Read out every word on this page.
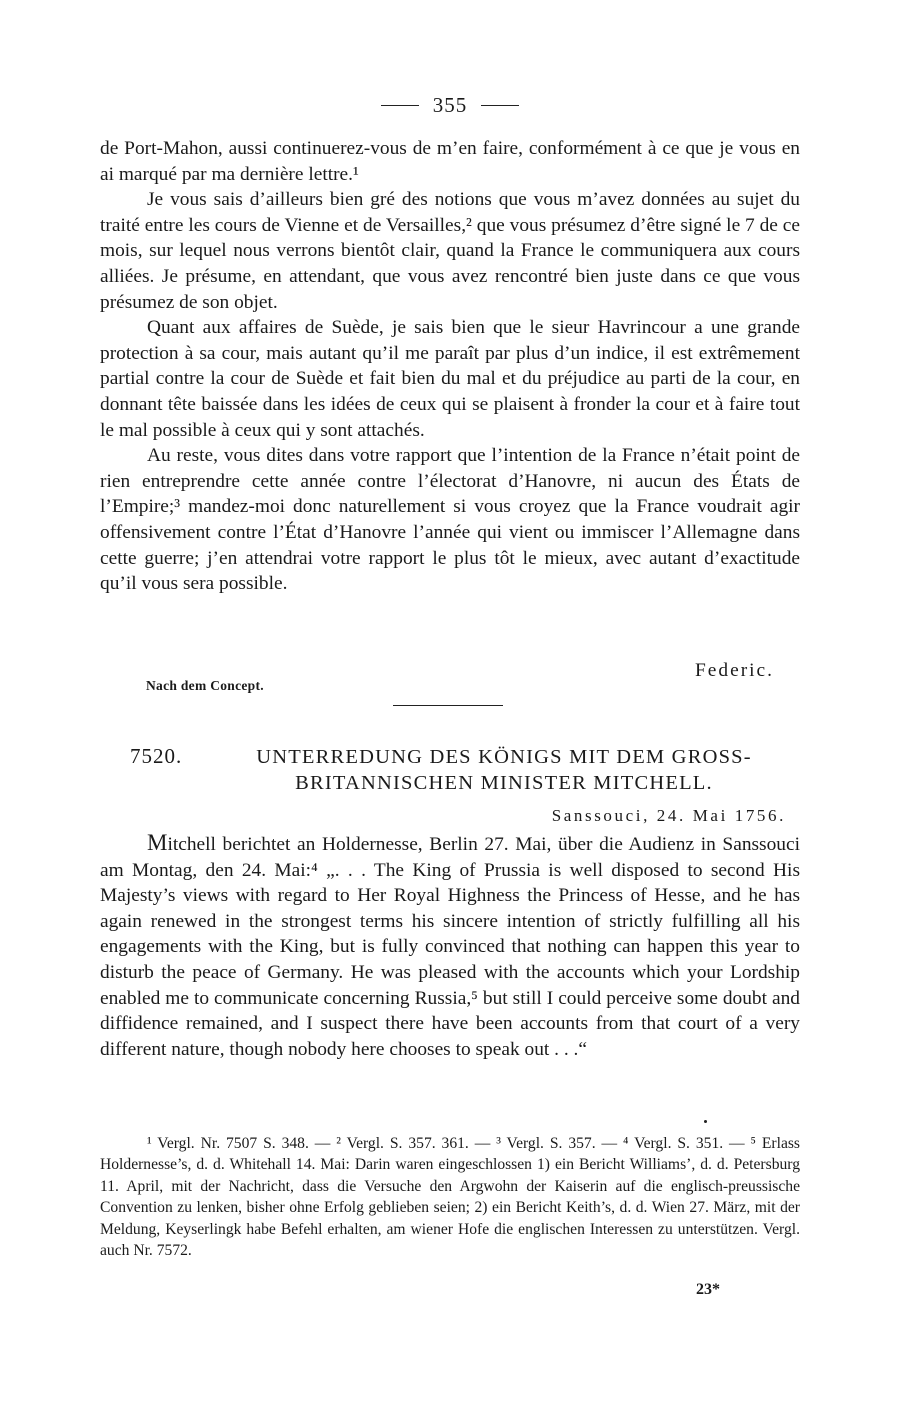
355

de Port-Mahon, aussi continuerez-vous de m’en faire, conformément à ce que je vous en ai marqué par ma dernière lettre.¹

Je vous sais d’ailleurs bien gré des notions que vous m’avez données au sujet du traité entre les cours de Vienne et de Versailles,² que vous présumez d’être signé le 7 de ce mois, sur lequel nous verrons bientôt clair, quand la France le communiquera aux cours alliées. Je présume, en attendant, que vous avez rencontré bien juste dans ce que vous présumez de son objet.

Quant aux affaires de Suède, je sais bien que le sieur Havrincour a une grande protection à sa cour, mais autant qu’il me paraît par plus d’un indice, il est extrêmement partial contre la cour de Suède et fait bien du mal et du préjudice au parti de la cour, en donnant tête baissée dans les idées de ceux qui se plaisent à fronder la cour et à faire tout le mal possible à ceux qui y sont attachés.

Au reste, vous dites dans votre rapport que l’intention de la France n’était point de rien entreprendre cette année contre l’électorat d’Hanovre, ni aucun des États de l’Empire;³ mandez-moi donc naturellement si vous croyez que la France voudrait agir offensivement contre l’État d’Hanovre l’année qui vient ou immiscer l’Allemagne dans cette guerre; j’en attendrai votre rapport le plus tôt le mieux, avec autant d’exactitude qu’il vous sera possible.

Federic.
Nach dem Concept.
7520.	UNTERREDUNG DES KÖNIGS MIT DEM GROSS-BRITANNISCHEN MINISTER MITCHELL.
Sanssouci, 24. Mai 1756.

Mitchell berichtet an Holdernesse, Berlin 27. Mai, über die Audienz in Sanssouci am Montag, den 24. Mai:⁴ „. . . The King of Prussia is well disposed to second His Majesty’s views with regard to Her Royal Highness the Princess of Hesse, and he has again renewed in the strongest terms his sincere intention of strictly fulfilling all his engagements with the King, but is fully convinced that nothing can happen this year to disturb the peace of Germany. He was pleased with the accounts which your Lordship enabled me to communicate concerning Russia,⁵ but still I could perceive some doubt and diffidence remained, and I suspect there have been accounts from that court of a very different nature, though nobody here chooses to speak out . . .“

¹ Vergl. Nr. 7507 S. 348. — ² Vergl. S. 357. 361. — ³ Vergl. S. 357. — ⁴ Vergl. S. 351. — ⁵ Erlass Holdernesse’s, d. d. Whitehall 14. Mai: Darin waren eingeschlossen 1) ein Bericht Williams’, d. d. Petersburg 11. April, mit der Nachricht, dass die Versuche den Argwohn der Kaiserin auf die englisch-preussische Convention zu lenken, bisher ohne Erfolg geblieben seien; 2) ein Bericht Keith’s, d. d. Wien 27. März, mit der Meldung, Keyserlingk habe Befehl erhalten, am wiener Hofe die englischen Interessen zu unterstützen. Vergl. auch Nr. 7572.

23*
